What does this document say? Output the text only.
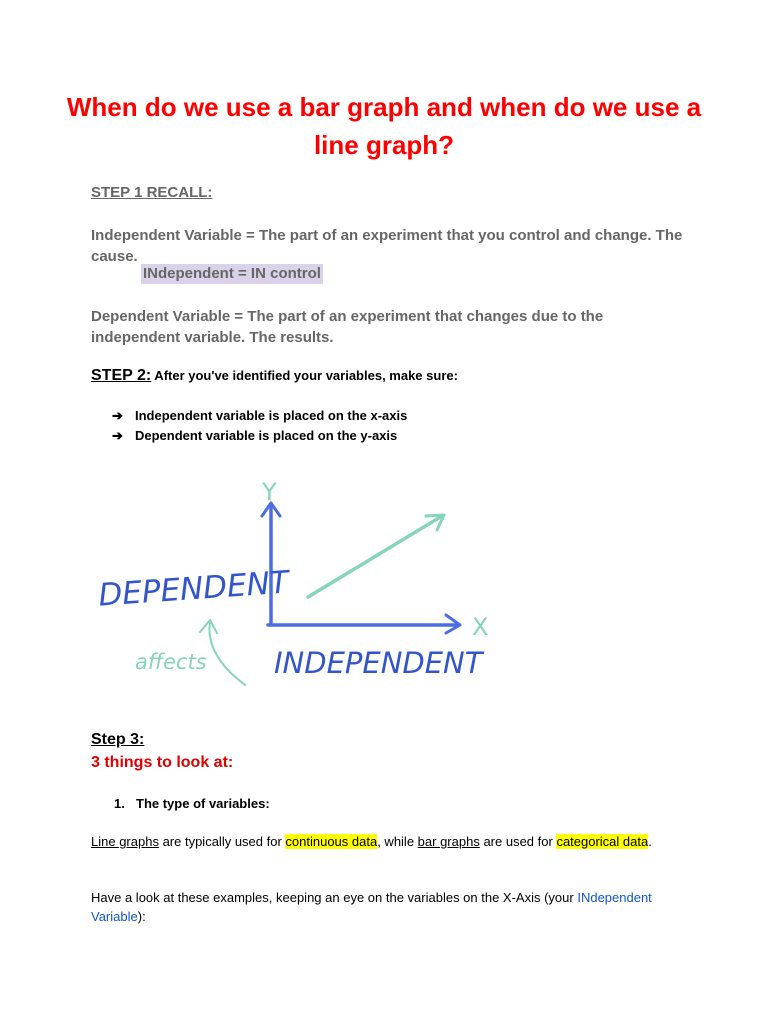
When do we use a bar graph and when do we use a line graph?
STEP 1 RECALL:
Independent Variable = The part of an experiment that you control and change. The cause.
INdependent = IN control
Dependent Variable = The part of an experiment that changes due to the independent variable. The results.
STEP 2: After you've identified your variables, make sure:
➔ Independent variable is placed on the x-axis
➔ Dependent variable is placed on the y-axis
Y
X
DEPENDENT
INDEPENDENT
affects
Step 3:
3 things to look at:
1. The type of variables:
Line graphs are typically used for continuous data, while bar graphs are used for categorical data.
Have a look at these examples, keeping an eye on the variables on the X-Axis (your INdependent Variable):
